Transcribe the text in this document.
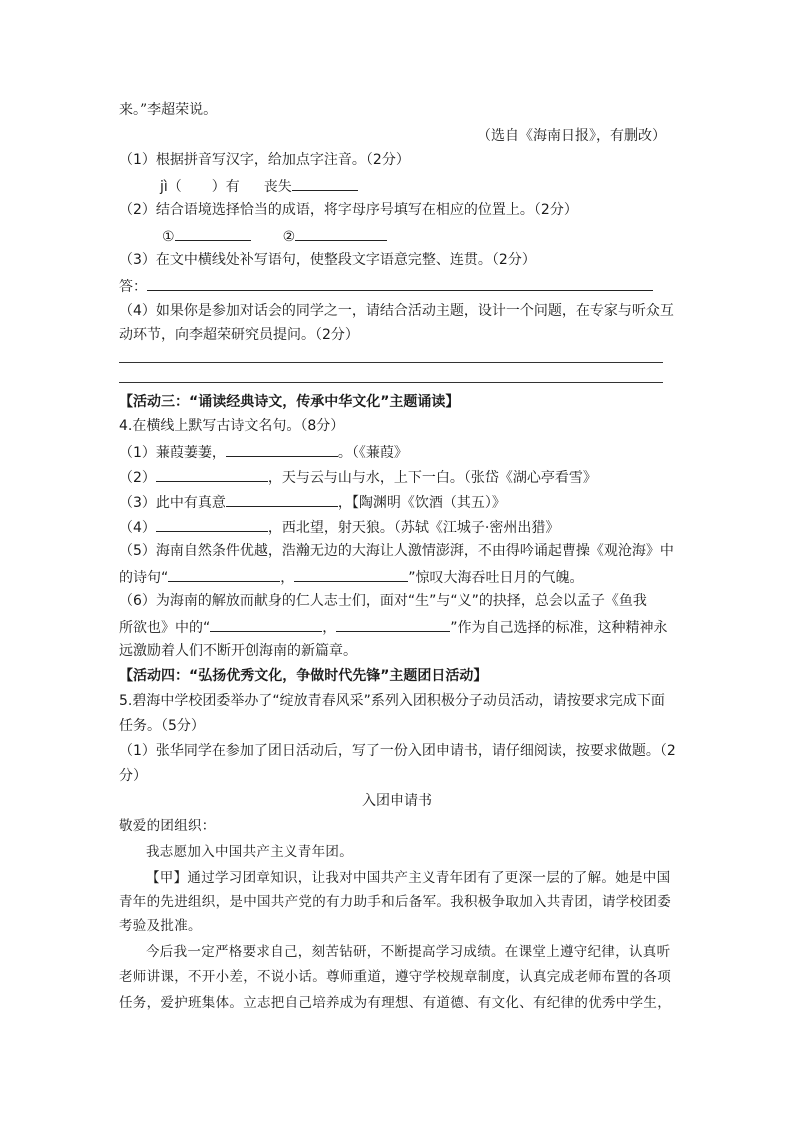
来。”李超荣说。
（选自《海南日报》，有删改）
（1）根据拼音写汉字，给加点字注音。（2分）
jì（ ）有 丧失
（2）结合语境选择恰当的成语，将字母序号填写在相应的位置上。（2分）
①	②
（3）在文中横线处补写语句，使整段文字语意完整、连贯。（2分）
答：
（4）如果你是参加对话会的同学之一，请结合活动主题，设计一个问题，在专家与听众互
动环节，向李超荣研究员提问。（2分）
【活动三：“诵读经典诗文，传承中华文化”主题诵读】
4.在横线上默写古诗文名句。（8分）
（1）蒹葭萋萋，	。（《蒹葭》
（2）	，天与云与山与水，上下一白。（张岱《湖心亭看雪》
（3）此中有真意	，【陶渊明《饮酒（其五）》
（4）	，西北望，射天狼。（苏轼《江城子·密州出猎》
（5）海南自然条件优越，浩瀚无边的大海让人激情澎湃，不由得吟诵起曹操《观沧海》中
的诗句“	，	”惊叹大海吞吐日月的气魄。
（6）为海南的解放而献身的仁人志士们，面对“生”与“义”的抉择，总会以孟子《鱼我
所欲也》中的“	，	”作为自己选择的标准，这种精神永
远激励着人们不断开创海南的新篇章。
【活动四：“弘扬优秀文化，争做时代先锋”主题团日活动】
5.碧海中学校团委举办了“绽放青春风采”系列入团积极分子动员活动，请按要求完成下面
任务。（5分）
（1）张华同学在参加了团日活动后，写了一份入团申请书，请仔细阅读，按要求做题。（2
分）
入团申请书
敬爱的团组织：
我志愿加入中国共产主义青年团。
【甲】通过学习团章知识，让我对中国共产主义青年团有了更深一层的了解。她是中国
青年的先进组织，是中国共产党的有力助手和后备军。我积极争取加入共青团，请学校团委
考验及批准。
今后我一定严格要求自己，刻苦钻研，不断提高学习成绩。在课堂上遵守纪律，认真听
老师讲课，不开小差，不说小话。尊师重道，遵守学校规章制度，认真完成老师布置的各项
任务，爱护班集体。立志把自己培养成为有理想、有道德、有文化、有纪律的优秀中学生，
